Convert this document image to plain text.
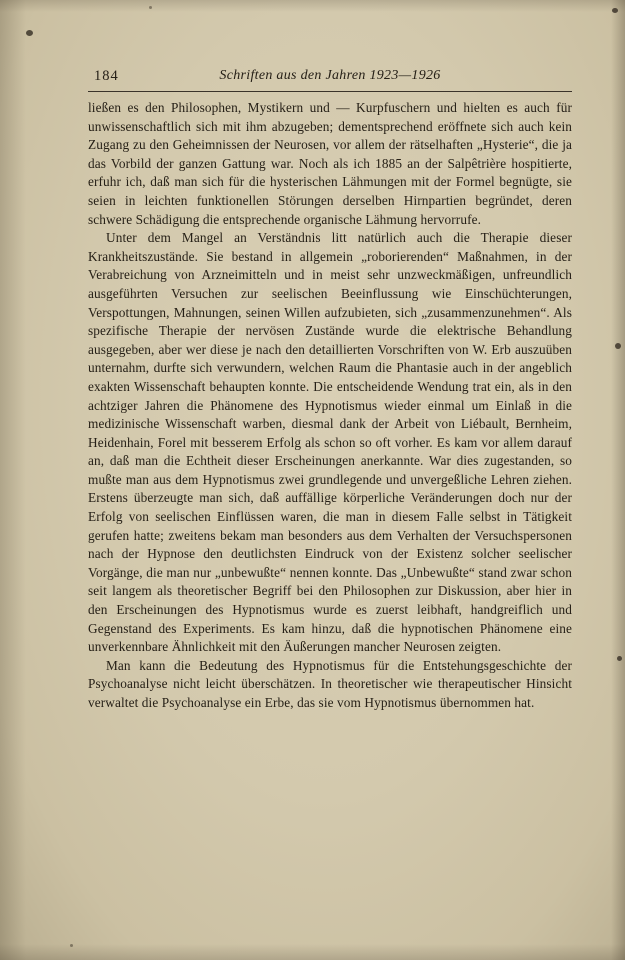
184	Schriften aus den Jahren 1923—1926

ließen es den Philosophen, Mystikern und — Kurpfuschern und hielten es auch für unwissenschaftlich sich mit ihm abzugeben; dementsprechend eröffnete sich auch kein Zugang zu den Geheimnissen der Neurosen, vor allem der rätselhaften „Hysterie“, die ja das Vorbild der ganzen Gattung war. Noch als ich 1885 an der Salpêtrière hospitierte, erfuhr ich, daß man sich für die hysterischen Lähmungen mit der Formel begnügte, sie seien in leichten funktionellen Störungen derselben Hirnpartien begründet, deren schwere Schädigung die entsprechende organische Lähmung hervorrufe.

Unter dem Mangel an Verständnis litt natürlich auch die Therapie dieser Krankheitszustände. Sie bestand in allgemein „roborierenden“ Maßnahmen, in der Verabreichung von Arzneimitteln und in meist sehr unzweckmäßigen, unfreundlich ausgeführten Versuchen zur seelischen Beeinflussung wie Einschüchterungen, Verspottungen, Mahnungen, seinen Willen aufzubieten, sich „zusammenzunehmen“. Als spezifische Therapie der nervösen Zustände wurde die elektrische Behandlung ausgegeben, aber wer diese je nach den detaillierten Vorschriften von W. Erb auszuüben unternahm, durfte sich verwundern, welchen Raum die Phantasie auch in der angeblich exakten Wissenschaft behaupten konnte. Die entscheidende Wendung trat ein, als in den achtziger Jahren die Phänomene des Hypnotismus wieder einmal um Einlaß in die medizinische Wissenschaft warben, diesmal dank der Arbeit von Liébault, Bernheim, Heidenhain, Forel mit besserem Erfolg als schon so oft vorher. Es kam vor allem darauf an, daß man die Echtheit dieser Erscheinungen anerkannte. War dies zugestanden, so mußte man aus dem Hypnotismus zwei grundlegende und unvergeßliche Lehren ziehen. Erstens überzeugte man sich, daß auffällige körperliche Veränderungen doch nur der Erfolg von seelischen Einflüssen waren, die man in diesem Falle selbst in Tätigkeit gerufen hatte; zweitens bekam man besonders aus dem Verhalten der Versuchspersonen nach der Hypnose den deutlichsten Eindruck von der Existenz solcher seelischer Vorgänge, die man nur „unbewußte“ nennen konnte. Das „Unbewußte“ stand zwar schon seit langem als theoretischer Begriff bei den Philosophen zur Diskussion, aber hier in den Erscheinungen des Hypnotismus wurde es zuerst leibhaft, handgreiflich und Gegenstand des Experiments. Es kam hinzu, daß die hypnotischen Phänomene eine unverkennbare Ähnlichkeit mit den Äußerungen mancher Neurosen zeigten.

Man kann die Bedeutung des Hypnotismus für die Entstehungsgeschichte der Psychoanalyse nicht leicht überschätzen. In theoretischer wie therapeutischer Hinsicht verwaltet die Psychoanalyse ein Erbe, das sie vom Hypnotismus übernommen hat.
